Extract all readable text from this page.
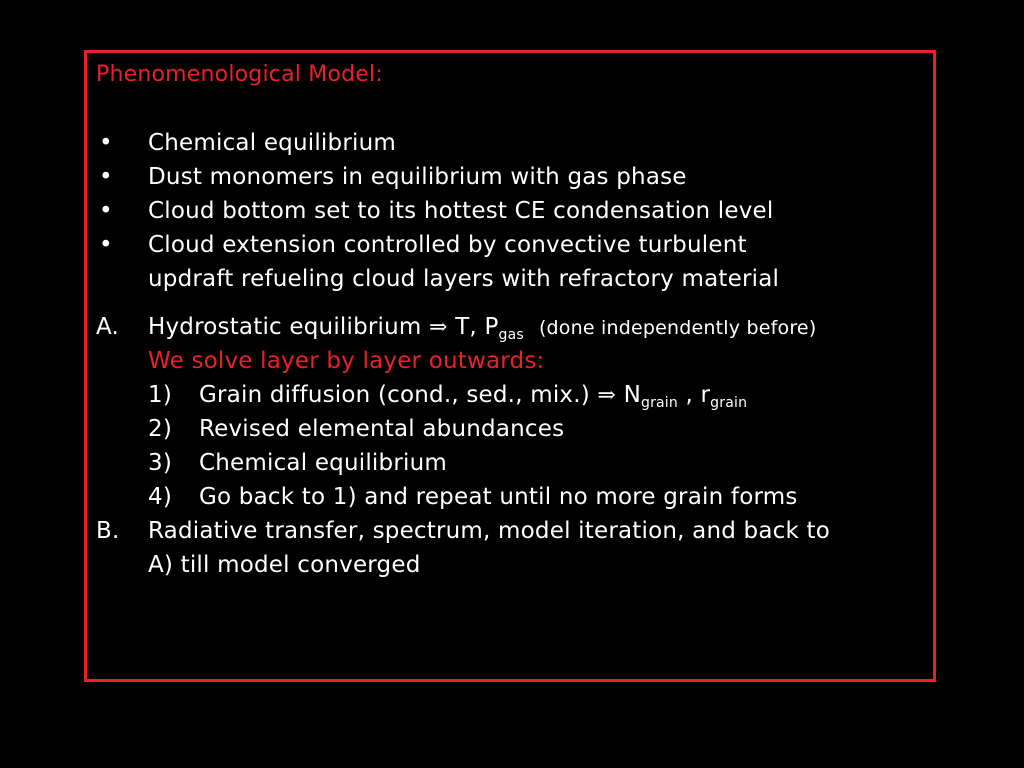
Phenomenological Model:
• Chemical equilibrium
• Dust monomers in equilibrium with gas phase
• Cloud bottom set to its hottest CE condensation level
• Cloud extension controlled by convective turbulent
updraft refueling cloud layers with refractory material
A. Hydrostatic equilibrium ⇒ T, $P_{gas}$ (done independently before)
We solve layer by layer outwards:
1) Grain diffusion (cond., sed., mix.) ⇒ $N_{grain}$ , $r_{grain}$
2) Revised elemental abundances
3) Chemical equilibrium
4) Go back to 1) and repeat until no more grain forms
B. Radiative transfer, spectrum, model iteration, and back to
A) till model converged
